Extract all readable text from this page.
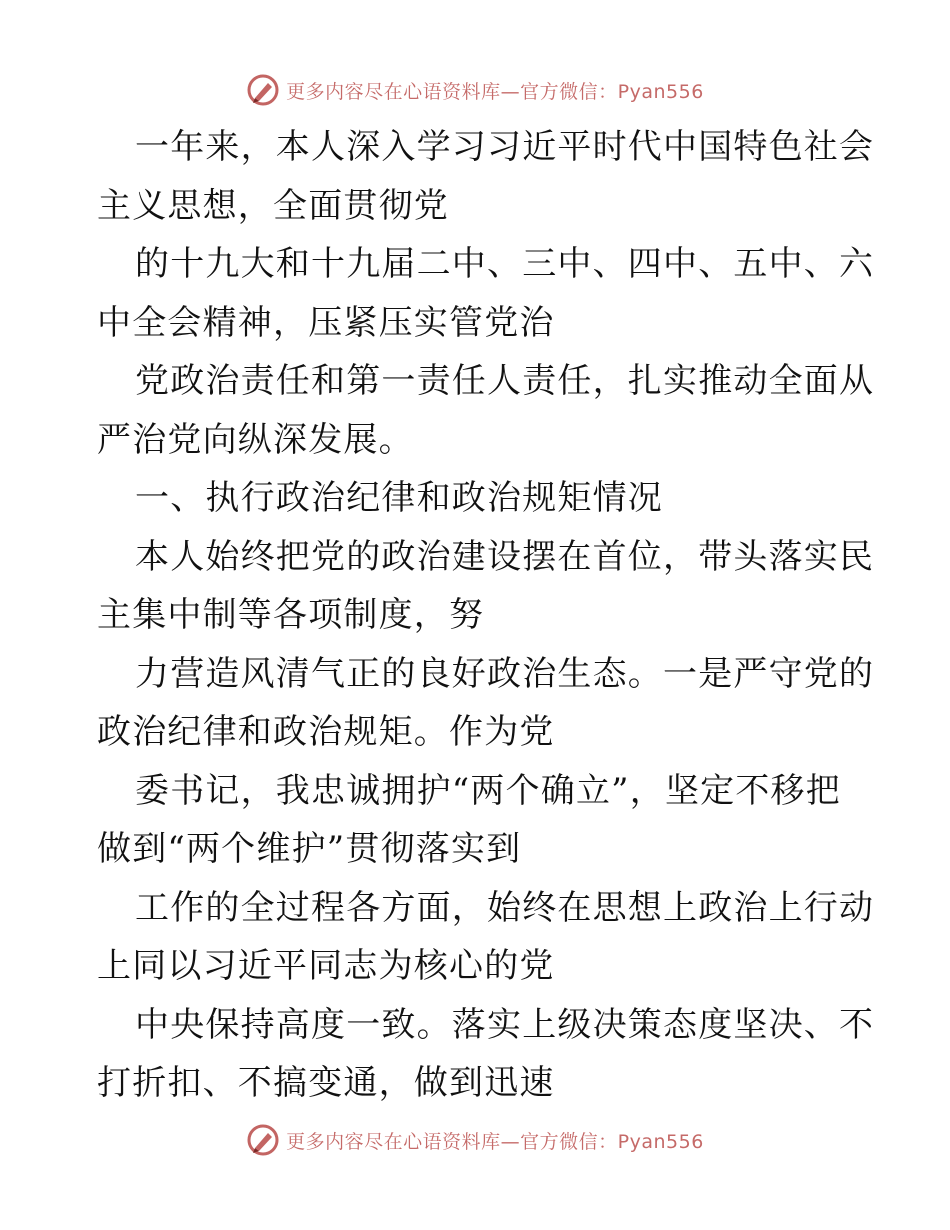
更多内容尽在心语资料库—官方微信：Pyan556
一年来，本人深入学习习近平时代中国特色社会
主义思想，全面贯彻党
的十九大和十九届二中、三中、四中、五中、六
中全会精神，压紧压实管党治
党政治责任和第一责任人责任，扎实推动全面从
严治党向纵深发展。
一、执行政治纪律和政治规矩情况
本人始终把党的政治建设摆在首位，带头落实民
主集中制等各项制度，努
力营造风清气正的良好政治生态。一是严守党的
政治纪律和政治规矩。作为党
委书记，我忠诚拥护“两个确立”，坚定不移把
做到“两个维护”贯彻落实到
工作的全过程各方面，始终在思想上政治上行动
上同以习近平同志为核心的党
中央保持高度一致。落实上级决策态度坚决、不
打折扣、不搞变通，做到迅速
更多内容尽在心语资料库—官方微信：Pyan556
